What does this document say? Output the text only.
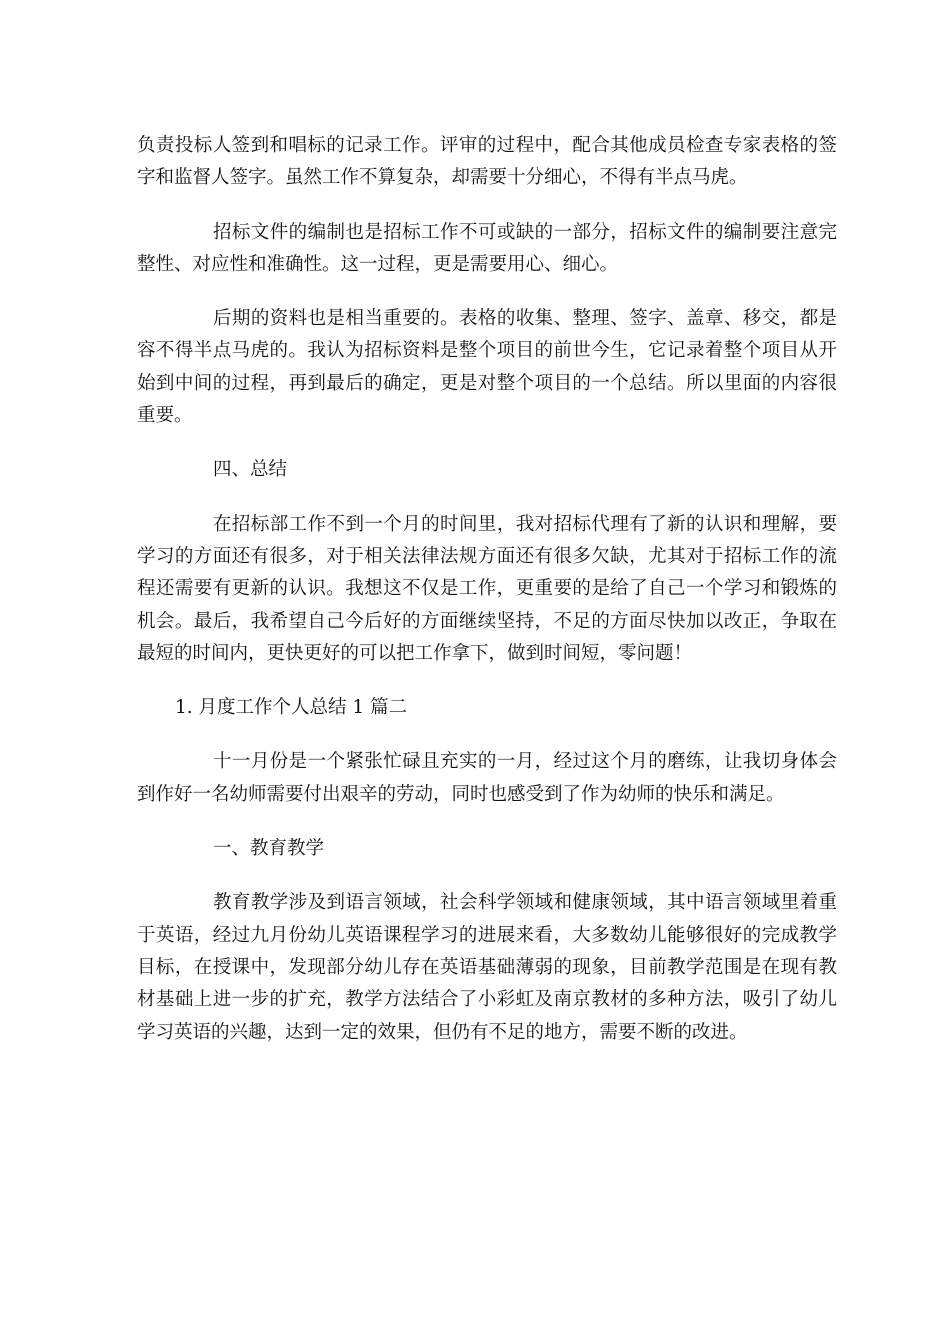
负责投标人签到和唱标的记录工作。评审的过程中，配合其他成员检查专家表格的签字和监督人签字。虽然工作不算复杂，却需要十分细心，不得有半点马虎。

招标文件的编制也是招标工作不可或缺的一部分，招标文件的编制要注意完整性、对应性和准确性。这一过程，更是需要用心、细心。

后期的资料也是相当重要的。表格的收集、整理、签字、盖章、移交，都是容不得半点马虎的。我认为招标资料是整个项目的前世今生，它记录着整个项目从开始到中间的过程，再到最后的确定，更是对整个项目的一个总结。所以里面的内容很重要。

四、总结

在招标部工作不到一个月的时间里，我对招标代理有了新的认识和理解，要学习的方面还有很多，对于相关法律法规方面还有很多欠缺，尤其对于招标工作的流程还需要有更新的认识。我想这不仅是工作，更重要的是给了自己一个学习和锻炼的机会。最后，我希望自己今后好的方面继续坚持，不足的方面尽快加以改正，争取在最短的时间内，更快更好的可以把工作拿下，做到时间短，零问题！

1. 月度工作个人总结 1 篇二

十一月份是一个紧张忙碌且充实的一月，经过这个月的磨练，让我切身体会到作好一名幼师需要付出艰辛的劳动，同时也感受到了作为幼师的快乐和满足。

一、教育教学

教育教学涉及到语言领域，社会科学领域和健康领域，其中语言领域里着重于英语，经过九月份幼儿英语课程学习的进展来看，大多数幼儿能够很好的完成教学目标，在授课中，发现部分幼儿存在英语基础薄弱的现象，目前教学范围是在现有教材基础上进一步的扩充，教学方法结合了小彩虹及南京教材的多种方法，吸引了幼儿学习英语的兴趣，达到一定的效果，但仍有不足的地方，需要不断的改进。
